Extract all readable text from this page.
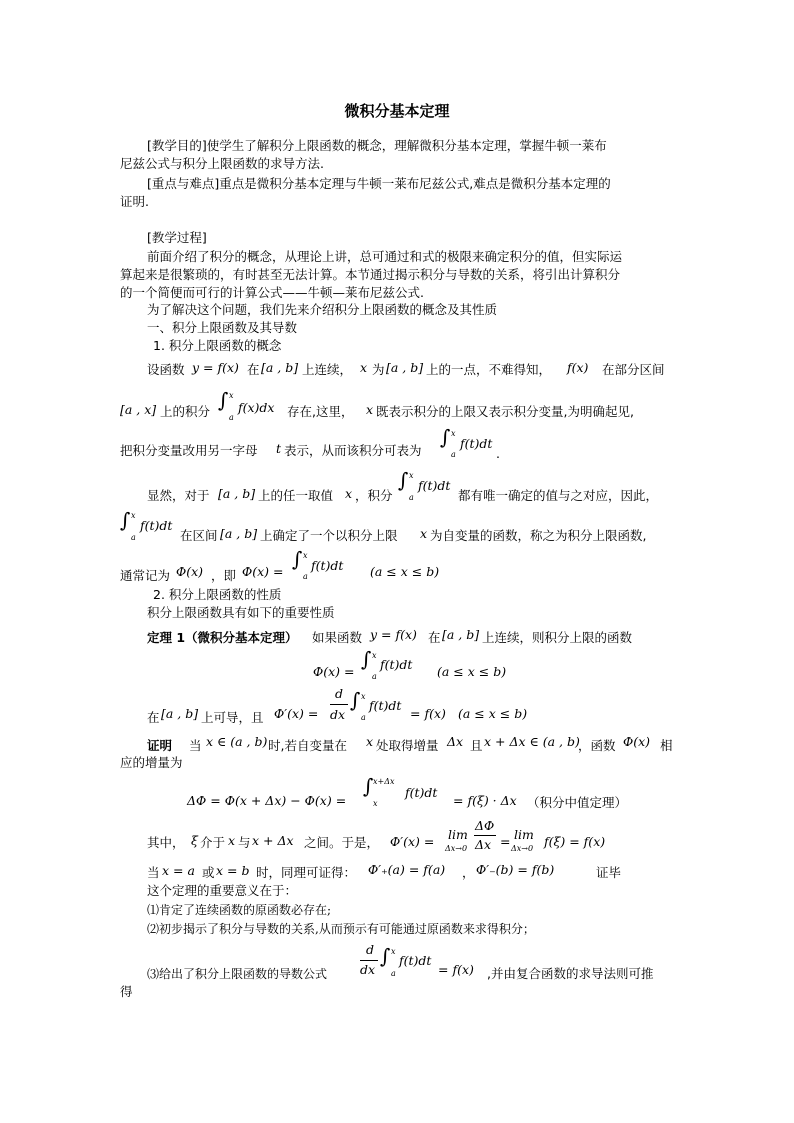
微积分基本定理
[教学目的]使学生了解积分上限函数的概念，理解微积分基本定理，掌握牛顿一莱布
尼兹公式与积分上限函数的求导方法.
[重点与难点]重点是微积分基本定理与牛顿一莱布尼兹公式,难点是微积分基本定理的
证明.
[教学过程]
前面介绍了积分的概念，从理论上讲，总可通过和式的极限来确定积分的值，但实际运
算起来是很繁琐的，有时甚至无法计算。本节通过揭示积分与导数的关系，将引出计算积分
的一个简便而可行的计算公式——牛顿—莱布尼兹公式.
为了解决这个问题，我们先来介绍积分上限函数的概念及其性质
一、积分上限函数及其导数
1. 积分上限函数的概念
设函数 y = f(x) 在 [a , b] 上连续， x 为 [a , b] 上的一点，不难得知， f(x) 在部分区间
[a , x] 上的积分 ∫ x
a
f(x)dx 存在,这里， x 既表示积分的上限又表示积分变量,为明确起见,
把积分变量改用另一字母 t 表示，从而该积分可表为
∫ x
a
f(t)dt
.
显然，对于 [a , b] 上的任一取值 x ，积分
∫ x
a
f(t)dt
都有唯一确定的值与之对应，因此，
∫ x
a
f(t)dt
在区间 [a , b] 上确定了一个以积分上限 x 为自变量的函数，称之为积分上限函数,
通常记为 Φ(x) ，即 Φ(x) =
∫ x
a
f(t)dt (a ≤ x ≤ b)
2. 积分上限函数的性质
积分上限函数具有如下的重要性质
定理 1（微积分基本定理） 如果函数 y = f(x) 在 [a , b] 上连续，则积分上限的函数
Φ(x) =
∫ x
a
f(t)dt (a ≤ x ≤ b)
在 [a , b] 上可导，且 Φ′(x) =
d
dx
∫ x
a
f(t)dt
= f(x) (a ≤ x ≤ b)
证明 当 x ∈ (a , b) 时,若自变量在 x 处取得增量 Δx 且 x + Δx ∈ (a , b)
，函数 Φ(x) 相
应的增量为
ΔΦ = Φ(x + Δx) − Φ(x) =
∫ x+Δx
x
f(t)dt
= f(ξ) · Δx （积分中值定理）
其中， ξ 介于 x 与 x + Δx 之间。于是， Φ′(x) = lim
Δx→0
ΔΦ
Δx = lim
Δx→0 f(ξ) = f(x)
当 x = a 或 x = b 时，同理可证得： Φ′₊(a) = f(a) ， Φ′₋(b) = f(b)	证毕
这个定理的重要意义在于：
⑴肯定了连续函数的原函数必存在;
⑵初步揭示了积分与导数的关系,从而预示有可能通过原函数来求得积分；
⑶给出了积分上限函数的导数公式
d
dx
∫ x
a
f(t)dt
= f(x) ,并由复合函数的求导法则可推
得
